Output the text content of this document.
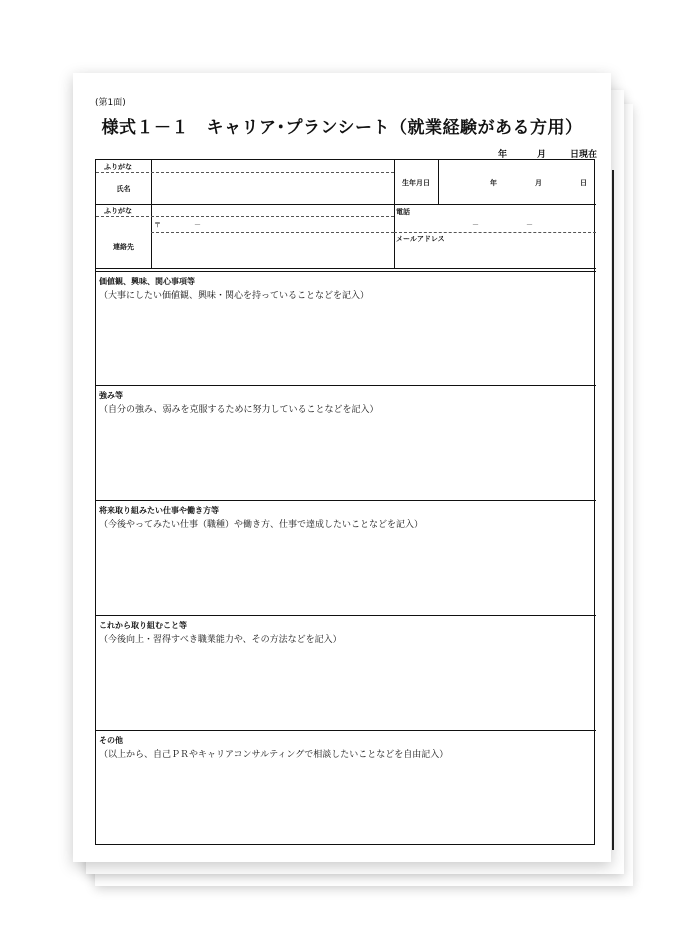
(第1面)
様式１－１　キャリア･プランシート（就業経験がある方用）
年	月	日現在
ふりがな
氏名
生年月日	年	月	日
ふりがな	電話
－	－
〒	－
連絡先
メールアドレス
価値観、興味、関心事項等
（大事にしたい価値観、興味・関心を持っていることなどを記入）
強み等
（自分の強み、弱みを克服するために努力していることなどを記入）
将来取り組みたい仕事や働き方等
（今後やってみたい仕事（職種）や働き方、仕事で達成したいことなどを記入）
これから取り組むこと等
（今後向上・習得すべき職業能力や、その方法などを記入）
その他
（以上から、自己ＰＲやキャリアコンサルティングで相談したいことなどを自由記入）
